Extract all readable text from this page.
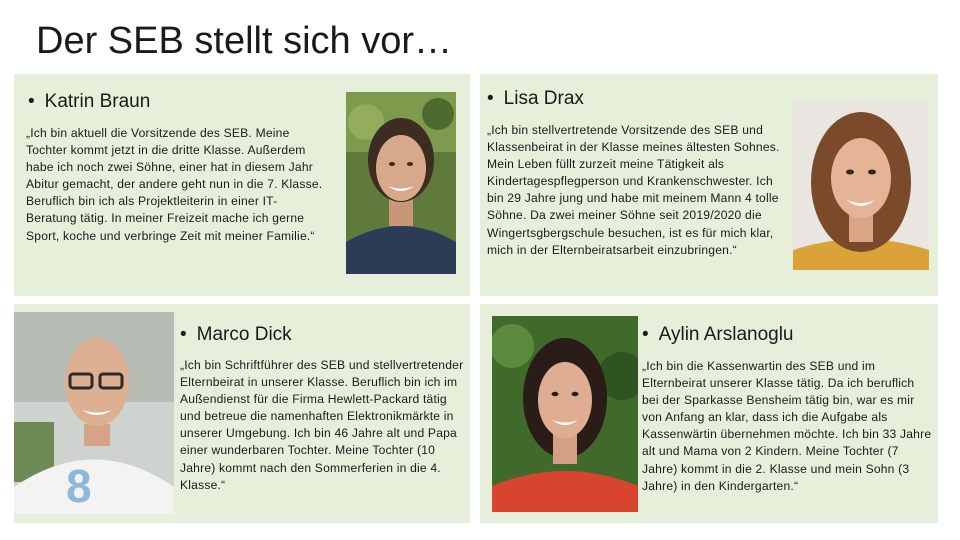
Der SEB stellt sich vor…
• Katrin Braun

„Ich bin aktuell die Vorsitzende des SEB. Meine Tochter kommt jetzt in die dritte Klasse. Außerdem habe ich noch zwei Söhne, einer hat in diesem Jahr Abitur gemacht, der andere geht nun in die 7. Klasse. Beruflich bin ich als Projektleiterin in einer IT-Beratung tätig. In meiner Freizeit mache ich gerne Sport, koche und verbringe Zeit mit meiner Familie.“

• Lisa Drax

„Ich bin stellvertretende Vorsitzende des SEB und Klassenbeirat in der Klasse meines ältesten Sohnes. Mein Leben füllt zurzeit meine Tätigkeit als Kindertagespflegperson und Krankenschwester. Ich bin 29 Jahre jung und habe mit meinem Mann 4 tolle Söhne. Da zwei meiner Söhne seit 2019/2020 die Wingertsgbergschule besuchen, ist es für mich klar, mich in der Elternbeiratsarbeit einzubringen.“

8
• Marco Dick

„Ich bin Schriftführer des SEB und stellvertretender Elternbeirat in unserer Klasse. Beruflich bin ich im Außendienst für die Firma Hewlett-Packard tätig und betreue die namenhaften Elektronikmärkte in unserer Umgebung. Ich bin 46 Jahre alt und Papa einer wunderbaren Tochter. Meine Tochter (10 Jahre) kommt nach den Sommerferien in die 4. Klasse.“

• Aylin Arslanoglu

„Ich bin die Kassenwartin des SEB und im Elternbeirat unserer Klasse tätig. Da ich beruflich bei der Sparkasse Bensheim tätig bin, war es mir von Anfang an klar, dass ich die Aufgabe als Kassenwärtin übernehmen möchte. Ich bin 33 Jahre alt und Mama von 2 Kindern. Meine Tochter (7 Jahre) kommt in die 2. Klasse und mein Sohn (3 Jahre) in den Kindergarten.“
